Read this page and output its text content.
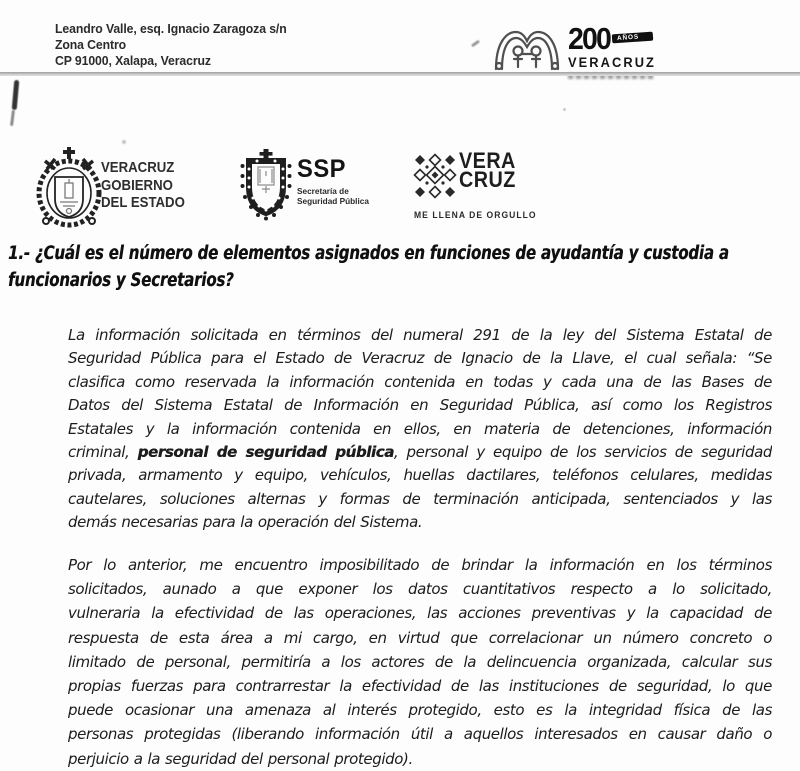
Leandro Valle, esq. Ignacio Zaragoza s/n
Zona Centro
CP 91000, Xalapa, Veracruz
200	AÑOS
VERACRUZ
VERACRUZ
GOBIERNO
DEL ESTADO
SSP
Secretaría de
Seguridad Pública
VERA
CRUZ
ME LLENA DE ORGULLO
1.- ¿Cuál es el número de elementos asignados en funciones de ayudantía y custodia a
funcionarios y Secretarios?
La información solicitada en términos del numeral 291 de la ley del Sistema Estatal de
Seguridad Pública para el Estado de Veracruz de Ignacio de la Llave, el cual señala: “Se
clasifica como reservada la información contenida en todas y cada una de las Bases de
Datos del Sistema Estatal de Información en Seguridad Pública, así como los Registros
Estatales y la información contenida en ellos, en materia de detenciones, información
criminal, personal de seguridad pública, personal y equipo de los servicios de seguridad
privada, armamento y equipo, vehículos, huellas dactilares, teléfonos celulares, medidas
cautelares, soluciones alternas y formas de terminación anticipada, sentenciados y las
demás necesarias para la operación del Sistema.
Por lo anterior, me encuentro imposibilitado de brindar la información en los términos
solicitados, aunado a que exponer los datos cuantitativos respecto a lo solicitado,
vulneraria la efectividad de las operaciones, las acciones preventivas y la capacidad de
respuesta de esta área a mi cargo, en virtud que correlacionar un número concreto o
limitado de personal, permitiría a los actores de la delincuencia organizada, calcular sus
propias fuerzas para contrarrestar la efectividad de las instituciones de seguridad, lo que
puede ocasionar una amenaza al interés protegido, esto es la integridad física de las
personas protegidas (liberando información útil a aquellos interesados en causar daño o
perjuicio a la seguridad del personal protegido).
